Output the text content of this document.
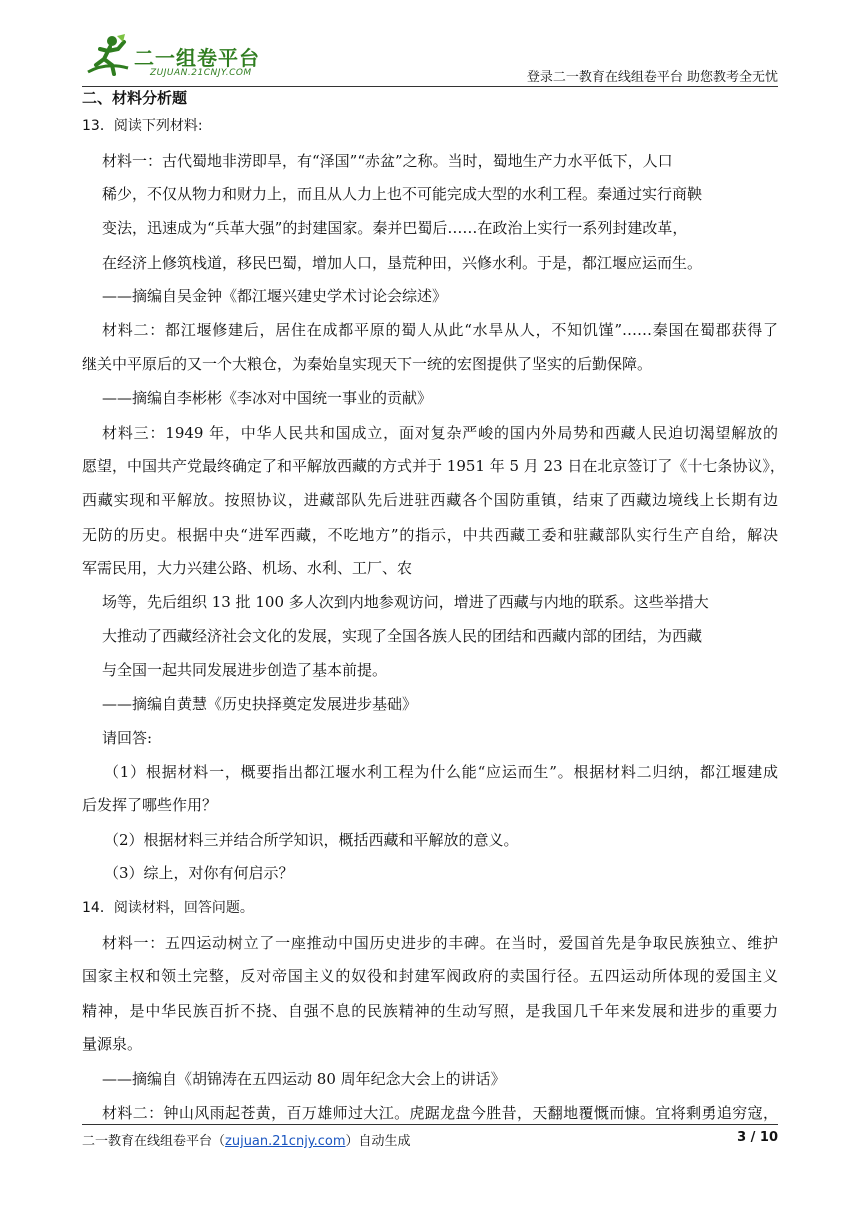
二一组卷平台
ZUJUAN.21CNJY.COM	登录二一教育在线组卷平台 助您教考全无忧
二、材料分析题
13．阅读下列材料:
材料一：古代蜀地非涝即旱，有“泽国”“赤盆”之称。当时，蜀地生产力水平低下，人口
稀少，不仅从物力和财力上，而且从人力上也不可能完成大型的水利工程。秦通过实行商鞅
变法，迅速成为“兵革大强”的封建国家。秦并巴蜀后……在政治上实行一系列封建改革，
在经济上修筑栈道，移民巴蜀，增加人口，垦荒种田，兴修水利。于是，都江堰应运而生。
——摘编自吴金钟《都江堰兴建史学术讨论会综述》
材料二：都江堰修建后，居住在成都平原的蜀人从此“水旱从人，不知饥馑”……秦国在蜀郡获得了
继关中平原后的又一个大粮仓，为秦始皇实现天下一统的宏图提供了坚实的后勤保障。
——摘编自李彬彬《李冰对中国统一事业的贡献》
材料三：1949 年，中华人民共和国成立，面对复杂严峻的国内外局势和西藏人民迫切渴望解放的
愿望，中国共产党最终确定了和平解放西藏的方式并于 1951 年 5 月 23 日在北京签订了《十七条协议》，
西藏实现和平解放。按照协议，进藏部队先后进驻西藏各个国防重镇，结束了西藏边境线上长期有边
无防的历史。根据中央“进军西藏，不吃地方”的指示，中共西藏工委和驻藏部队实行生产自给，解决
军需民用，大力兴建公路、机场、水利、工厂、农
场等，先后组织 13 批 100 多人次到内地参观访问，增进了西藏与内地的联系。这些举措大
大推动了西藏经济社会文化的发展，实现了全国各族人民的团结和西藏内部的团结，为西藏
与全国一起共同发展进步创造了基本前提。
——摘编自黄慧《历史抉择奠定发展进步基础》
请回答:
（1）根据材料一，概要指出都江堰水利工程为什么能“应运而生”。根据材料二归纳，都江堰建成
后发挥了哪些作用？
（2）根据材料三并结合所学知识，概括西藏和平解放的意义。
（3）综上，对你有何启示？
14．阅读材料，回答问题。
材料一：五四运动树立了一座推动中国历史进步的丰碑。在当时，爱国首先是争取民族独立、维护
国家主权和领土完整，反对帝国主义的奴役和封建军阀政府的卖国行径。五四运动所体现的爱国主义
精神，是中华民族百折不挠、自强不息的民族精神的生动写照，是我国几千年来发展和进步的重要力
量源泉。
——摘编自《胡锦涛在五四运动 80 周年纪念大会上的讲话》
材料二：钟山风雨起苍黄，百万雄师过大江。虎踞龙盘今胜昔，天翻地覆慨而慷。宜将剩勇追穷寇，
二一教育在线组卷平台（zujuan.21cnjy.com）自动生成	3 / 10
